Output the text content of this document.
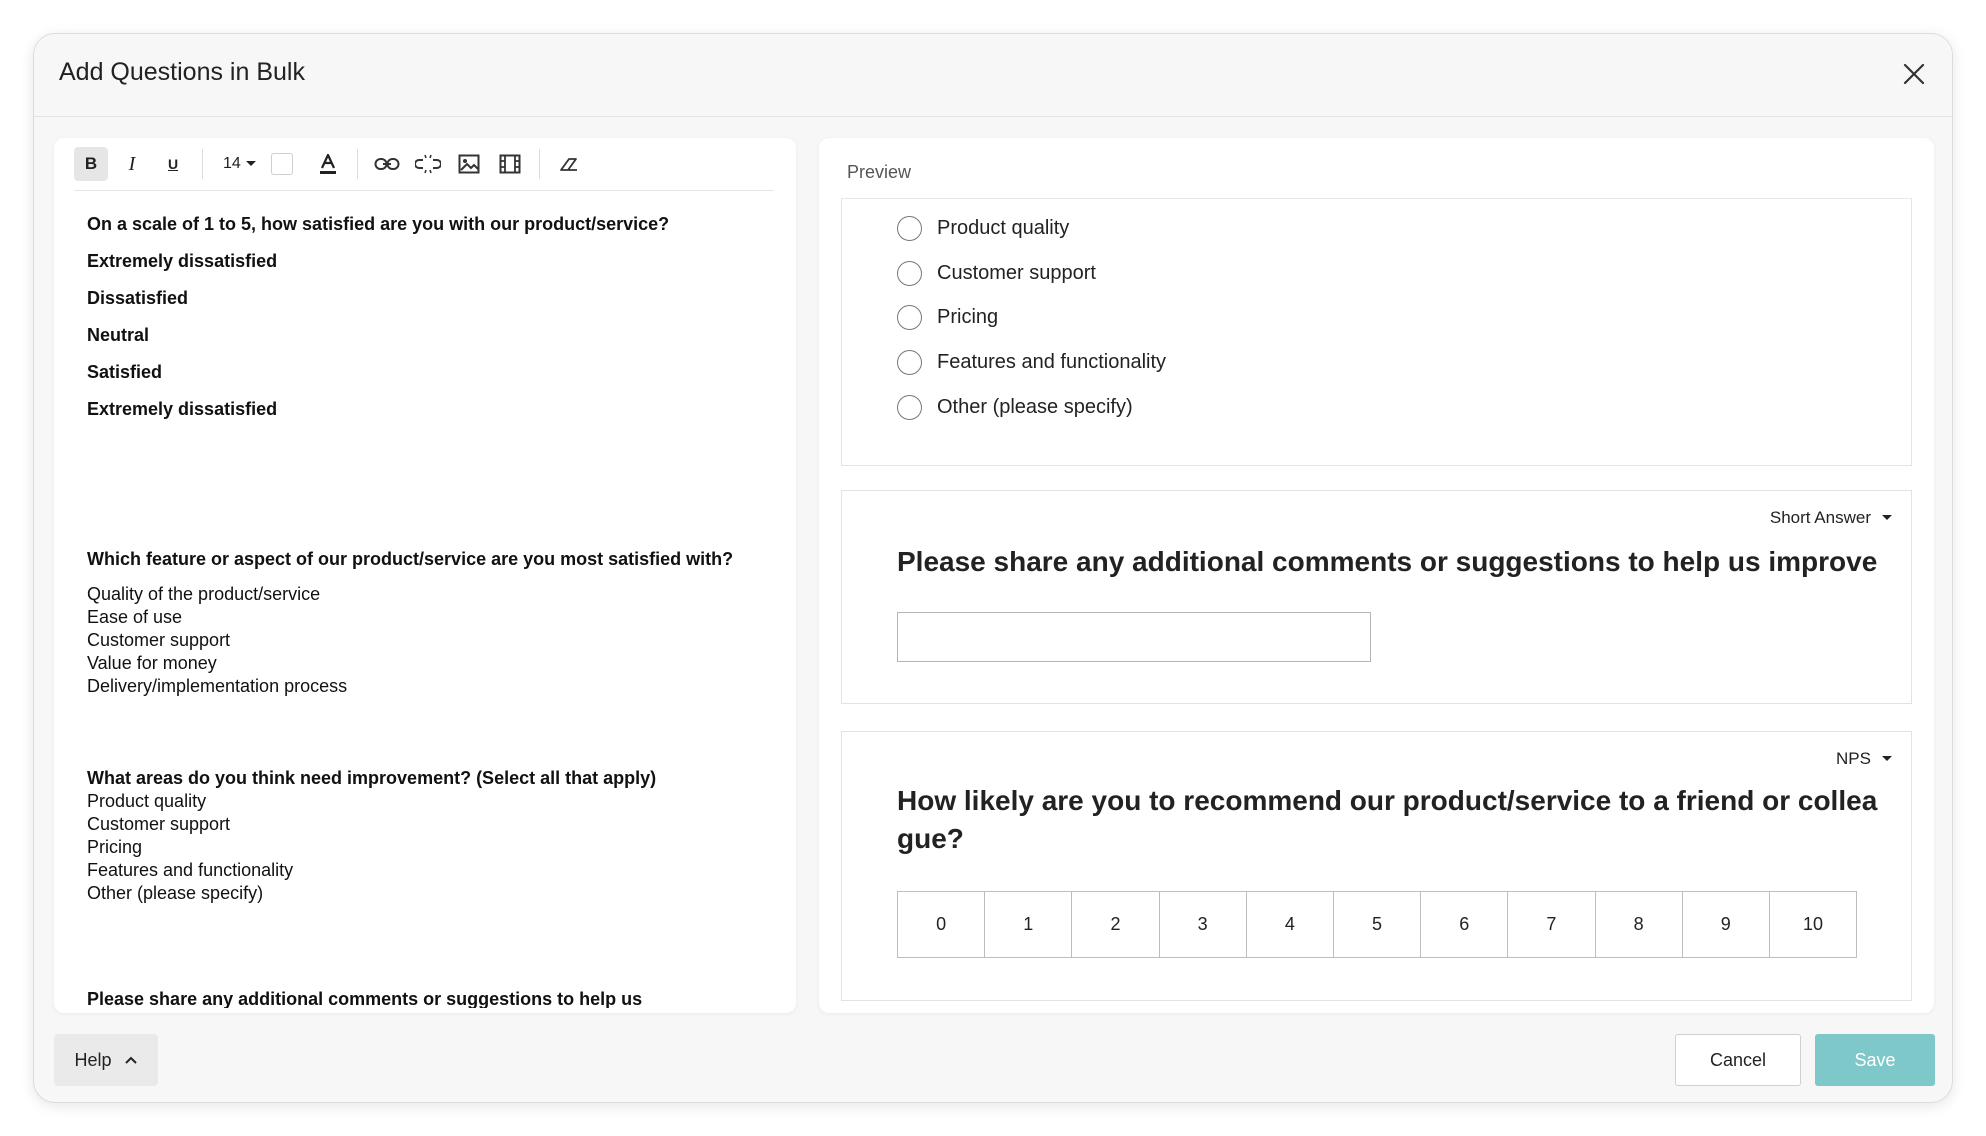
Add Questions in Bulk
B I U	14
On a scale of 1 to 5, how satisfied are you with our product/service?
Extremely dissatisfied
Dissatisfied
Neutral
Satisfied
Extremely dissatisfied
Which feature or aspect of our product/service are you most satisfied with?
Quality of the product/service
Ease of use
Customer support
Value for money
Delivery/implementation process
What areas do you think need improvement? (Select all that apply)
Product quality
Customer support
Pricing
Features and functionality
Other (please specify)
Please share any additional comments or suggestions to help us
Preview
Product quality
Customer support
Pricing
Features and functionality
Other (please specify)
Short Answer
Please share any additional comments or suggestions to help us improve
NPS
How likely are you to recommend our product/service to a friend or collea
gue?
0	1	2	3	4	5	6	7	8	9	10
Help	Cancel	Save
